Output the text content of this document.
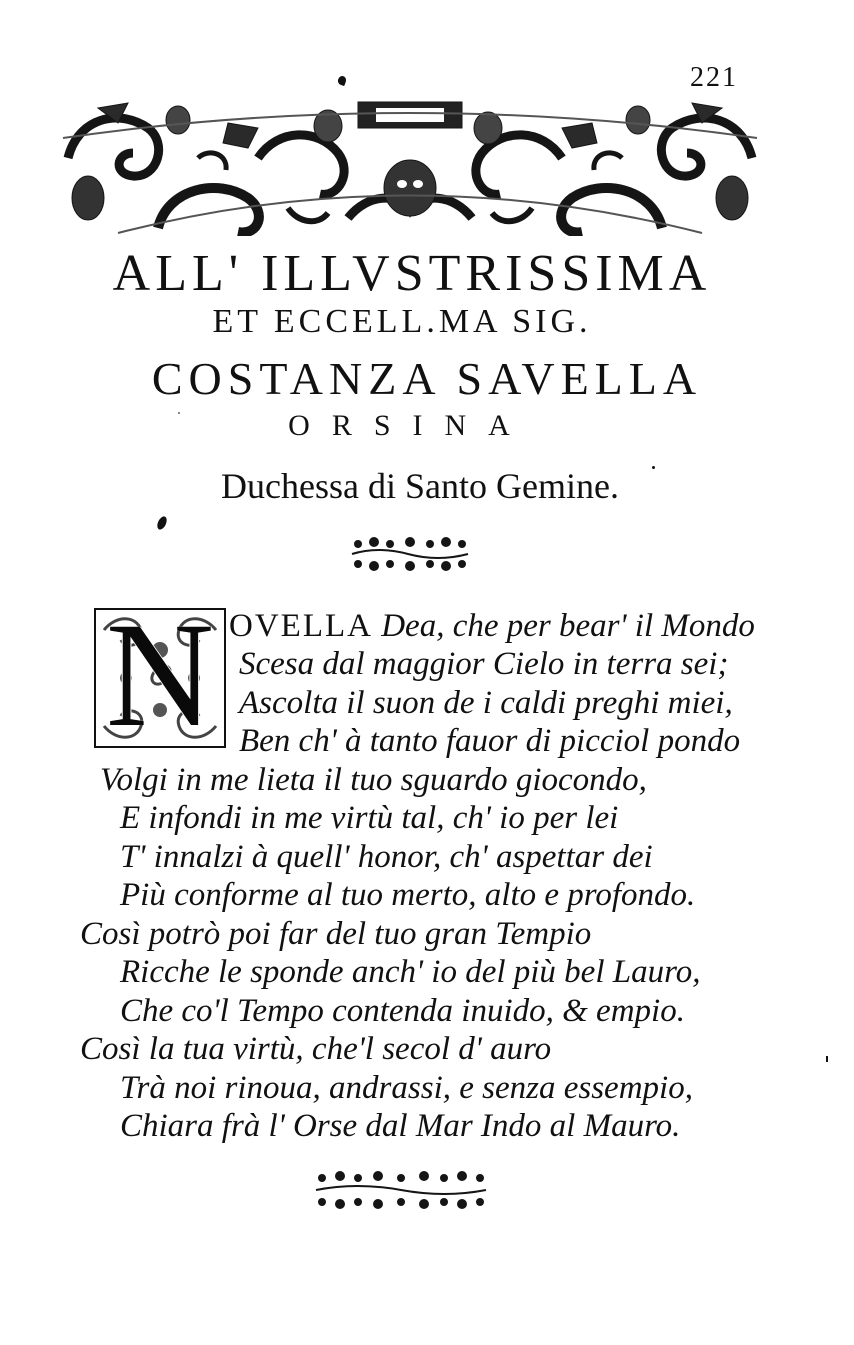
221
ALL' ILLVSTRISSIMA
ET ECCELL.MA SIG.
COSTANZA SAVELLA
ORSINA
Duchessa di Santo Gemine.
N OVELLA Dea, che per bear' il Mondo
Scesa dal maggior Cielo in terra sei;
Ascolta il suon de i caldi preghi miei,
Ben ch' à tanto fauor di picciol pondo
Volgi in me lieta il tuo sguardo giocondo,
E infondi in me virtù tal, ch' io per lei
T' innalzi à quell' honor, ch' aspettar dei
Più conforme al tuo merto, alto e profondo.
Così potrò poi far del tuo gran Tempio
Ricche le sponde anch' io del più bel Lauro,
Che co'l Tempo contenda inuido, & empio.
Così la tua virtù, che'l secol d' auro
Trà noi rinoua, andrassi, e senza essempio,
Chiara frà l' Orse dal Mar Indo al Mauro.
